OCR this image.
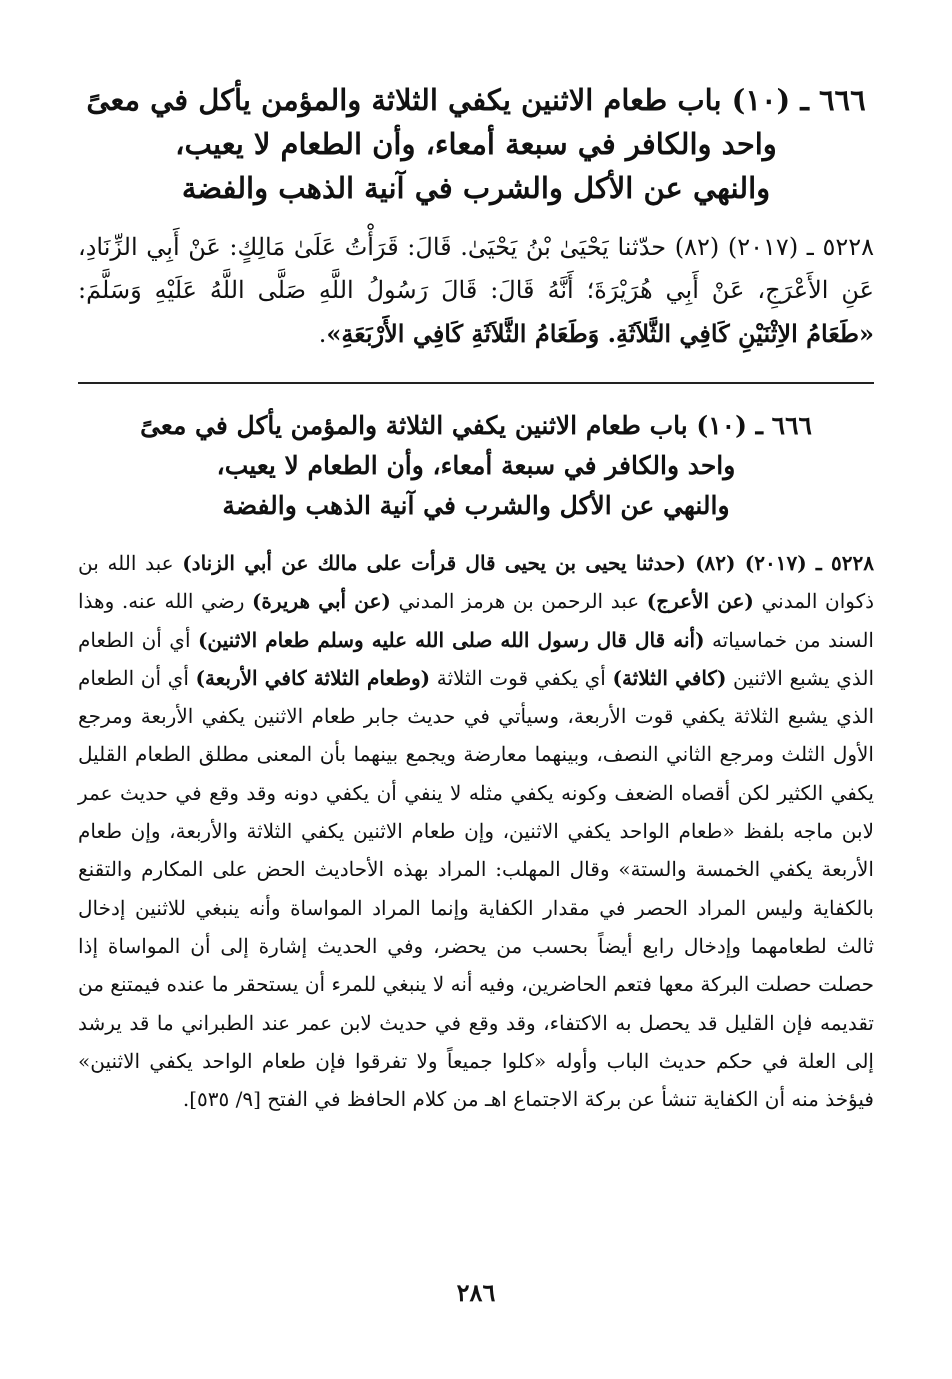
٦٦٦ ـ (١٠) باب طعام الاثنين يكفي الثلاثة والمؤمن يأكل في معىً
واحد والكافر في سبعة أمعاء، وأن الطعام لا يعيب،
والنهي عن الأكل والشرب في آنية الذهب والفضة

٥٢٢٨ ـ (٢٠١٧) (٨٢) حدّثنا يَحْيَىٰ بْنُ يَحْيَىٰ. قَالَ: قَرَأْتُ عَلَىٰ مَالِكٍ: عَنْ أَبِي الزِّنَادِ، عَنِ الأَعْرَجِ، عَنْ أَبِي هُرَيْرَةَ؛ أَنَّهُ قَالَ: قَالَ رَسُولُ اللَّهِ صَلَّى اللَّهُ عَلَيْهِ وَسَلَّمَ: «طَعَامُ الاِثْنَيْنِ كَافِي الثَّلاَثَةِ. وَطَعَامُ الثَّلاَثَةِ كَافِي الأَرْبَعَةِ».

٦٦٦ ـ (١٠) باب طعام الاثنين يكفي الثلاثة والمؤمن يأكل في معىً
واحد والكافر في سبعة أمعاء، وأن الطعام لا يعيب،
والنهي عن الأكل والشرب في آنية الذهب والفضة

٥٢٢٨ ـ (٢٠١٧) (٨٢) (حدثنا يحيى بن يحيى قال قرأت على مالك عن أبي الزناد) عبد الله بن ذكوان المدني (عن الأعرج) عبد الرحمن بن هرمز المدني (عن أبي هريرة) رضي الله عنه. وهذا السند من خماسياته (أنه قال قال رسول الله صلى الله عليه وسلم طعام الاثنين) أي أن الطعام الذي يشبع الاثنين (كافي الثلاثة) أي يكفي قوت الثلاثة (وطعام الثلاثة كافي الأربعة) أي أن الطعام الذي يشبع الثلاثة يكفي قوت الأربعة، وسيأتي في حديث جابر طعام الاثنين يكفي الأربعة ومرجع الأول الثلث ومرجع الثاني النصف، وبينهما معارضة ويجمع بينهما بأن المعنى مطلق الطعام القليل يكفي الكثير لكن أقصاه الضعف وكونه يكفي مثله لا ينفي أن يكفي دونه وقد وقع في حديث عمر لابن ماجه بلفظ «طعام الواحد يكفي الاثنين، وإن طعام الاثنين يكفي الثلاثة والأربعة، وإن طعام الأربعة يكفي الخمسة والستة» وقال المهلب: المراد بهذه الأحاديث الحض على المكارم والتقنع بالكفاية وليس المراد الحصر في مقدار الكفاية وإنما المراد المواساة وأنه ينبغي للاثنين إدخال ثالث لطعامهما وإدخال رابع أيضاً بحسب من يحضر، وفي الحديث إشارة إلى أن المواساة إذا حصلت حصلت البركة معها فتعم الحاضرين، وفيه أنه لا ينبغي للمرء أن يستحقر ما عنده فيمتنع من تقديمه فإن القليل قد يحصل به الاكتفاء، وقد وقع في حديث لابن عمر عند الطبراني ما قد يرشد إلى العلة في حكم حديث الباب وأوله «كلوا جميعاً ولا تفرقوا فإن طعام الواحد يكفي الاثنين» فيؤخذ منه أن الكفاية تنشأ عن بركة الاجتماع اهـ من كلام الحافظ في الفتح [٩/ ٥٣٥].

٢٨٦
